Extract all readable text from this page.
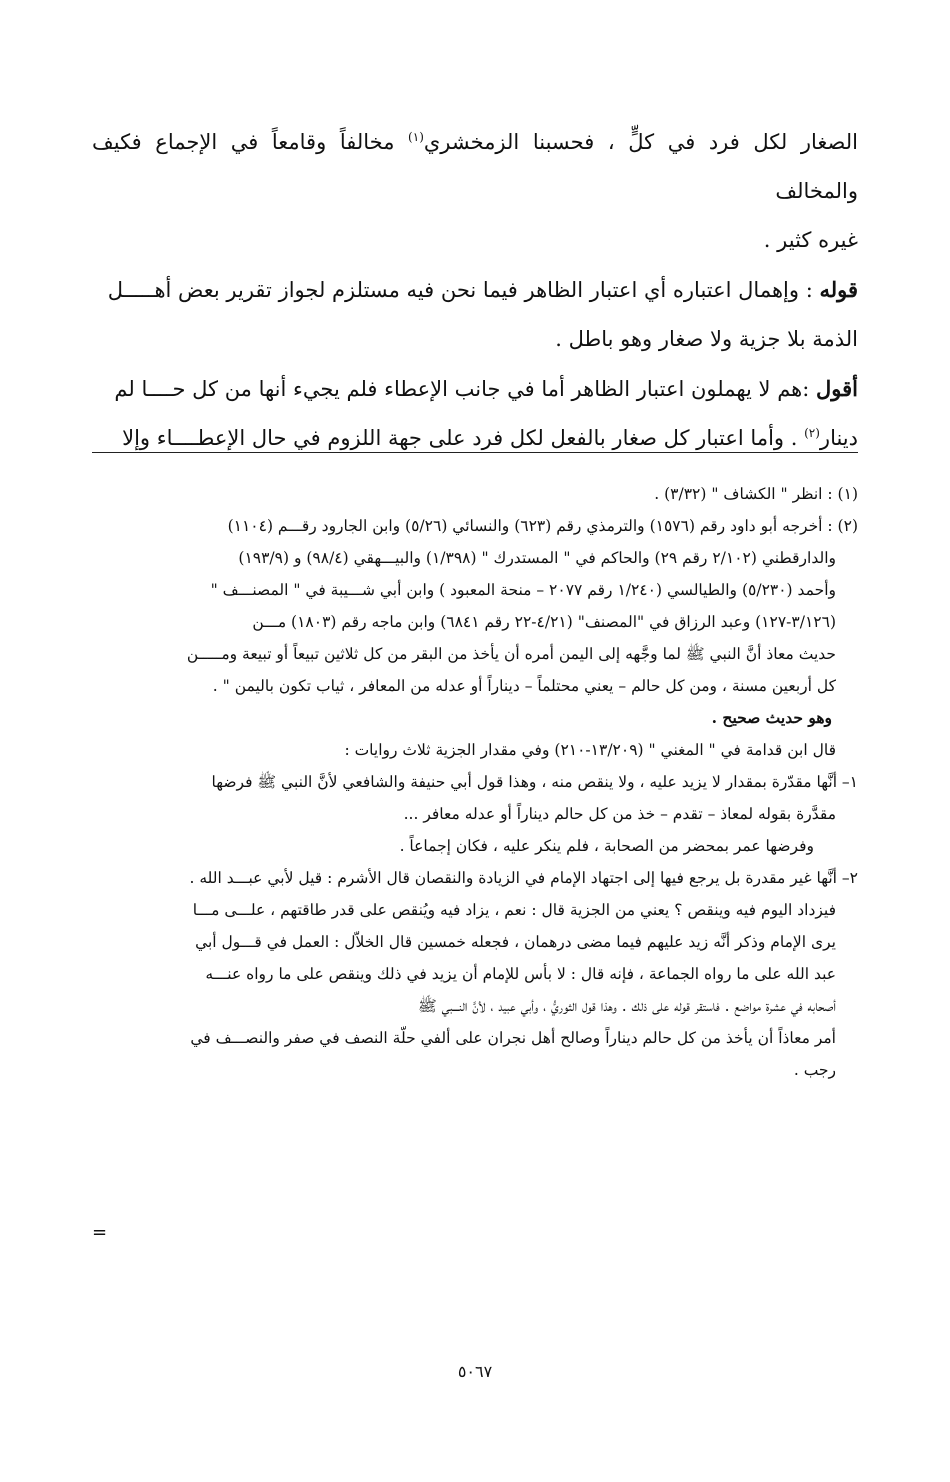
الصغار لكل فرد في كلٍّ ، فحسبنا الزمخشري$^{(١)}$ مخالفاً وقامعاً في الإجماع فكيف والمخالف

غيره كثير .

قوله : وإهمال اعتباره أي اعتبار الظاهر فيما نحن فيه مستلزم لجواز تقرير بعض أهـــــل

الذمة بلا جزية ولا صغار وهو باطل .

أقول :هم لا يهملون اعتبار الظاهر أما في جانب الإعطاء فلم يجيء أنها من كل حــــا لم

دينار$^{(٢)}$ . وأما اعتبار كل صغار بالفعل لكل فرد على جهة اللزوم في حال الإعطــــاء وإلا

(١) : انظر " الكشاف " (٣/٣٢) .

(٢) : أخرجه أبو داود رقم (١٥٧٦) والترمذي رقم (٦٢٣) والنسائي (٥/٢٦) وابن الجارود رقـــم (١١٠٤)

والدارقطني (٢/١٠٢ رقم ٢٩) والحاكم في " المستدرك " (١/٣٩٨) والبيـــهقي (٩٨/٤) و (١٩٣/٩)

وأحمد (٥/٢٣٠) والطيالسي (١/٢٤٠ رقم ٢٠٧٧ – منحة المعبود ) وابن أبي شـــيبة في " المصنـــف "

(٣/١٢٦-١٢٧) وعبد الرزاق في "المصنف" (٤/٢١-٢٢ رقم ٦٨٤١) وابن ماجه رقم (١٨٠٣) مـــن

حديث معاذ أنَّ النبي ﷺ لما وجَّهه إلى اليمن أمره أن يأخذ من البقر من كل ثلاثين تبيعاً أو تبيعة ومـــــن

كل أربعين مسنة ، ومن كل حالم – يعني محتلماً – ديناراً أو عدله من المعافر ، ثياب تكون باليمن " .

وهو حديث صحيح .

قال ابن قدامة في " المغني " (١٣/٢٠٩-٢١٠) وفي مقدار الجزية ثلاث روايات :

١– أنَّها مقدّرة بمقدار لا يزيد عليه ، ولا ينقص منه ، وهذا قول أبي حنيفة والشافعي لأنَّ النبي ﷺ فرضها

مقدَّرة بقوله لمعاذ – تقدم – خذ من كل حالم ديناراً أو عدله معافر ...

وفرضها عمر بمحضر من الصحابة ، فلم ينكر عليه ، فكان إجماعاً .

٢– أنَّها غير مقدرة بل يرجع فيها إلى اجتهاد الإمام في الزيادة والنقصان قال الأشرم : قيل لأبي عبـــد الله .

فيزداد اليوم فيه وينقص ؟ يعني من الجزية قال : نعم ، يزاد فيه ويُنقص على قدر طاقتهم ، علـــى مـــا

يرى الإمام وذكر أنَّه زيد عليهم فيما مضى درهمان ، فجعله خمسين قال الخلاّل : العمل في قـــول أبي

عبد الله على ما رواه الجماعة ، فإنه قال : لا بأس للإمام أن يزيد في ذلك وينقص على ما رواه عنـــه

أصحابه في عشرة مواضع . فاستقر قوله على ذلك . وهذا قول الثوريُّ ، وأبي عبيد ، لأنَّ النـــبي ﷺ

أمر معاذاً أن يأخذ من كل حالم ديناراً وصالح أهل نجران على ألفي حلّة النصف في صفر والنصـــف في

رجب .

=
٥٠٦٧
